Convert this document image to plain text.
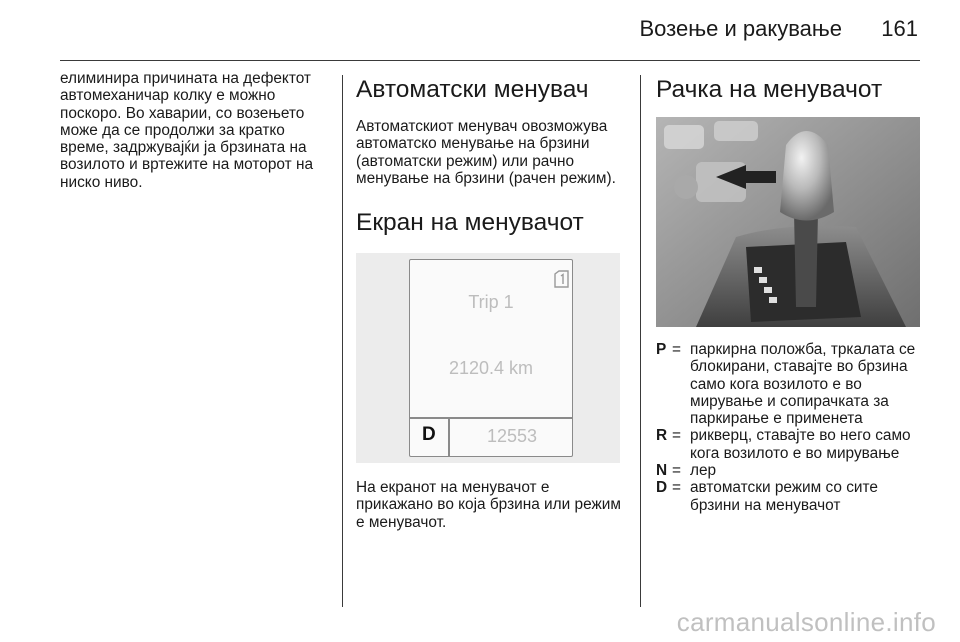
Возење и ракување 161

елиминира причината на дефектот автомеханичар колку е можно поскоро. Во хаварии, со возењето може да се продолжи за кратко време, задржувајќи ја брзината на возилото и вртежите на моторот на ниско ниво.

Автоматски менувач

Автоматскиот менувач овозможува автоматско менување на брзини (автоматски режим) или рачно менување на брзини (рачен режим).

Екран на менувачот
Trip 1
2120.4 km
D	12553

На екранот на менувачот е прикажано во која брзина или режим е менувачот.

Рачка на менувачот
P = паркирна положба, тркалата се блокирани, ставајте во брзина само кога возилото е во мирување и сопирачката за паркирање е применета
R = рикверц, ставајте во него само кога возилото е во мирување
N = лер
D = автоматски режим со сите брзини на менувачот
carmanualsonline.info
